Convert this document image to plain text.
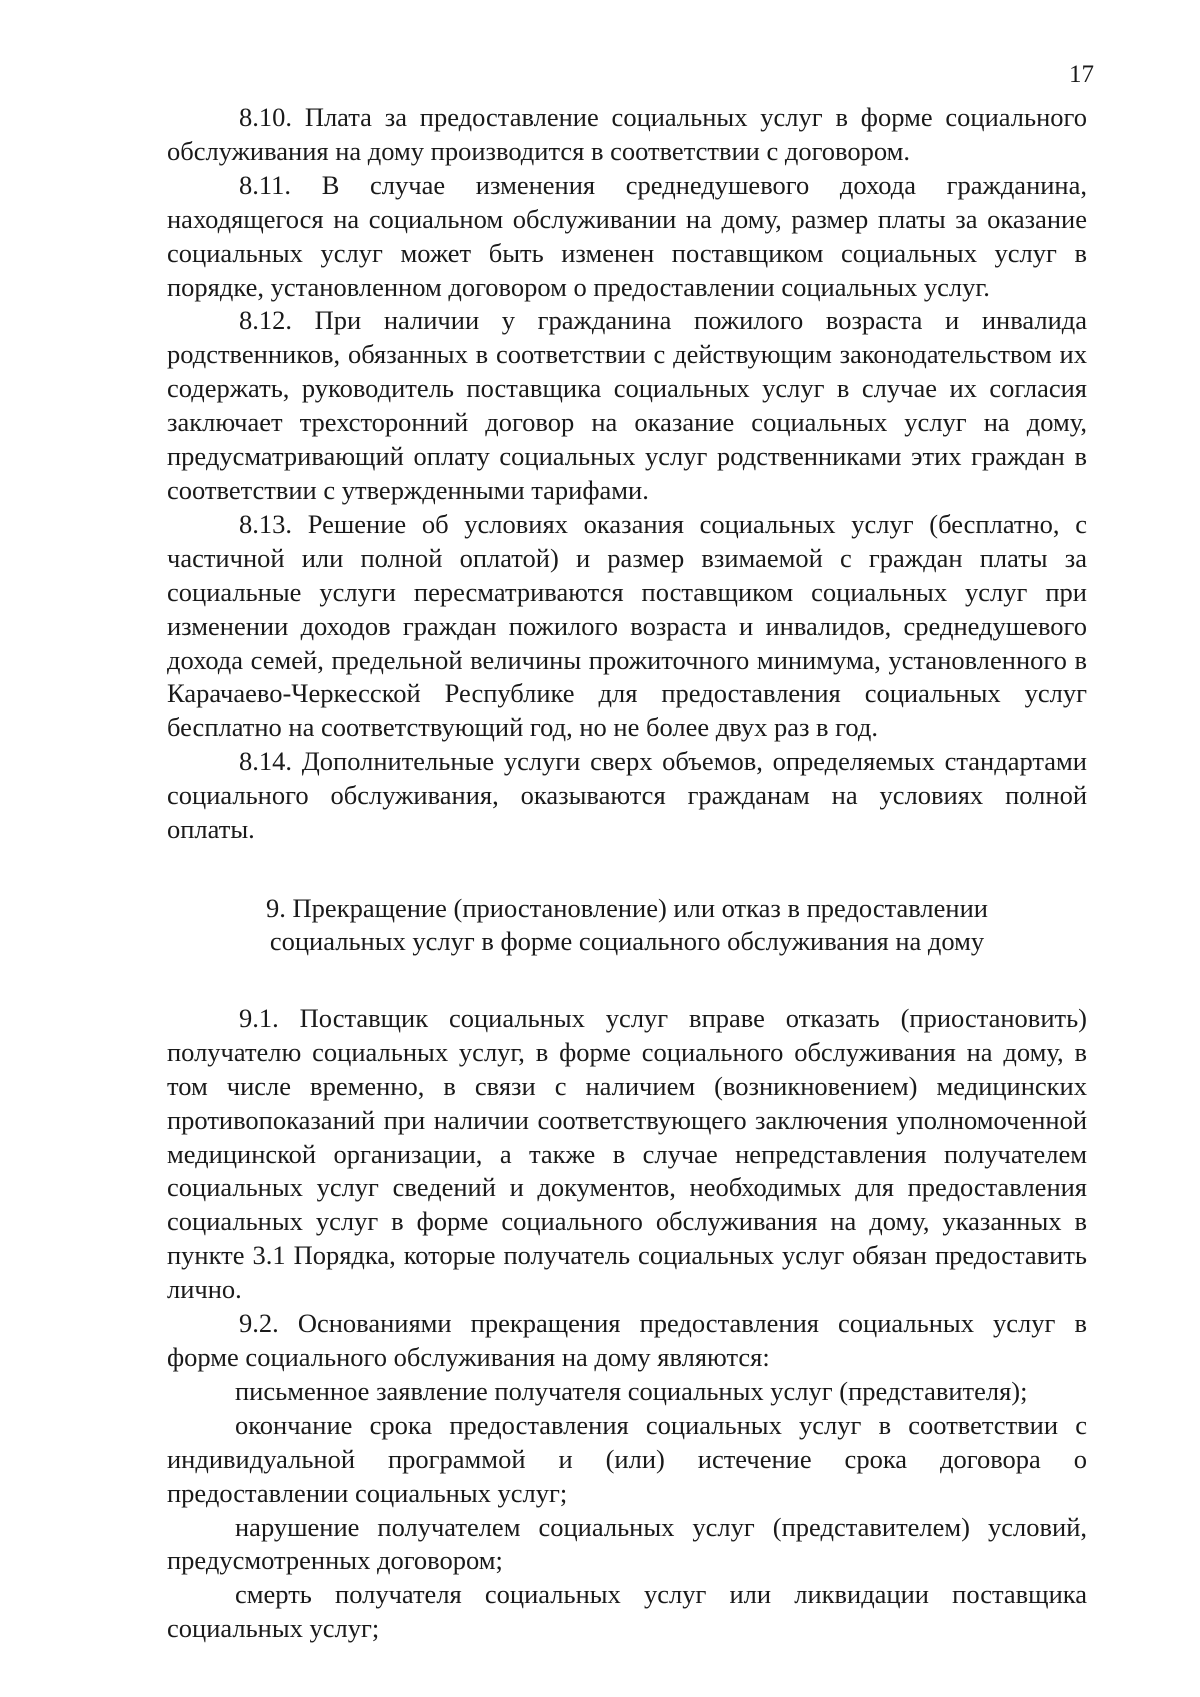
17

8.10. Плата за предоставление социальных услуг в форме социального обслуживания на дому производится в соответствии с договором.

8.11. В случае изменения среднедушевого дохода гражданина, находящегося на социальном обслуживании на дому, размер платы за оказание социальных услуг может быть изменен поставщиком социальных услуг в порядке, установленном договором о предоставлении социальных услуг.

8.12. При наличии у гражданина пожилого возраста и инвалида родственников, обязанных в соответствии с действующим законодательством их содержать, руководитель поставщика социальных услуг в случае их согласия заключает трехсторонний договор на оказание социальных услуг на дому, предусматривающий оплату социальных услуг родственниками этих граждан в соответствии с утвержденными тарифами.

8.13. Решение об условиях оказания социальных услуг (бесплатно, с частичной или полной оплатой) и размер взимаемой с граждан платы за социальные услуги пересматриваются поставщиком социальных услуг при изменении доходов граждан пожилого возраста и инвалидов, среднедушевого дохода семей, предельной величины прожиточного минимума, установленного в Карачаево-Черкесской Республике для предоставления социальных услуг бесплатно на соответствующий год, но не более двух раз в год.

8.14. Дополнительные услуги сверх объемов, определяемых стандартами социального обслуживания, оказываются гражданам на условиях полной оплаты.

9. Прекращение (приостановление) или отказ в предоставлении
социальных услуг в форме социального обслуживания на дому

9.1. Поставщик социальных услуг вправе отказать (приостановить) получателю социальных услуг, в форме социального обслуживания на дому, в том числе временно, в связи с наличием (возникновением) медицинских противопоказаний при наличии соответствующего заключения уполномоченной медицинской организации, а также в случае непредставления получателем социальных услуг сведений и документов, необходимых для предоставления социальных услуг в форме социального обслуживания на дому, указанных в пункте 3.1 Порядка, которые получатель социальных услуг обязан предоставить лично.

9.2. Основаниями прекращения предоставления социальных услуг в форме социального обслуживания на дому являются:

письменное заявление получателя социальных услуг (представителя);

окончание срока предоставления социальных услуг в соответствии с индивидуальной программой и (или) истечение срока договора о предоставлении социальных услуг;

нарушение получателем социальных услуг (представителем) условий, предусмотренных договором;

смерть получателя социальных услуг или ликвидации поставщика социальных услуг;
